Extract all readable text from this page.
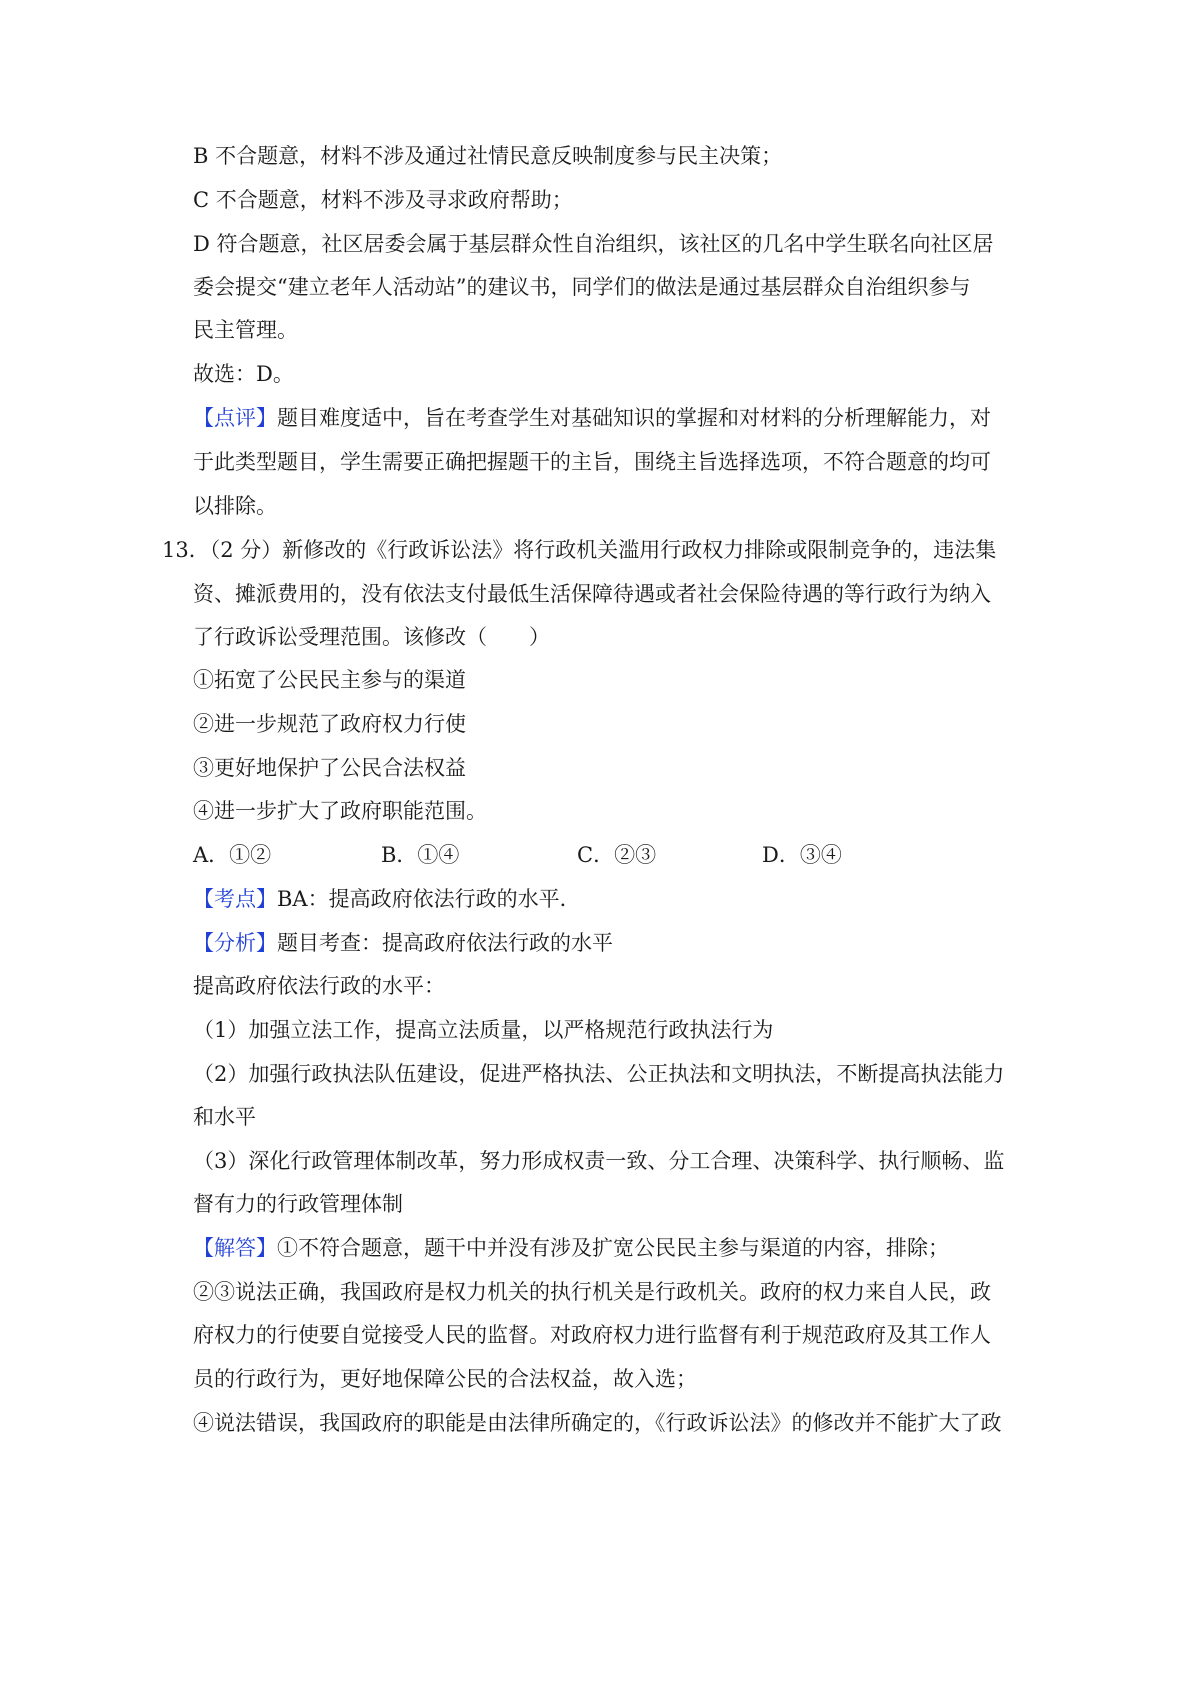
B 不合题意，材料不涉及通过社情民意反映制度参与民主决策；
C 不合题意，材料不涉及寻求政府帮助；
D 符合题意，社区居委会属于基层群众性自治组织，该社区的几名中学生联名向社区居
委会提交“建立老年人活动站”的建议书，同学们的做法是通过基层群众自治组织参与
民主管理。
故选：D。
【点评】题目难度适中，旨在考查学生对基础知识的掌握和对材料的分析理解能力，对
于此类型题目，学生需要正确把握题干的主旨，围绕主旨选择选项，不符合题意的均可
以排除。
13．（2 分）新修改的《行政诉讼法》将行政机关滥用行政权力排除或限制竞争的，违法集
资、摊派费用的，没有依法支付最低生活保障待遇或者社会保险待遇的等行政行为纳入
了行政诉讼受理范围。该修改（　　）
①拓宽了公民民主参与的渠道
②进一步规范了政府权力行使
③更好地保护了公民合法权益
④进一步扩大了政府职能范围。
A．①②	B．①④	C．②③	D．③④
【考点】BA：提高政府依法行政的水平．
【分析】题目考查：提高政府依法行政的水平
提高政府依法行政的水平：
（1）加强立法工作，提高立法质量，以严格规范行政执法行为
（2）加强行政执法队伍建设，促进严格执法、公正执法和文明执法，不断提高执法能力
和水平
（3）深化行政管理体制改革，努力形成权责一致、分工合理、决策科学、执行顺畅、监
督有力的行政管理体制
【解答】①不符合题意，题干中并没有涉及扩宽公民民主参与渠道的内容，排除；
②③说法正确，我国政府是权力机关的执行机关是行政机关。政府的权力来自人民，政
府权力的行使要自觉接受人民的监督。对政府权力进行监督有利于规范政府及其工作人
员的行政行为，更好地保障公民的合法权益，故入选；
④说法错误，我国政府的职能是由法律所确定的，《行政诉讼法》的修改并不能扩大了政
